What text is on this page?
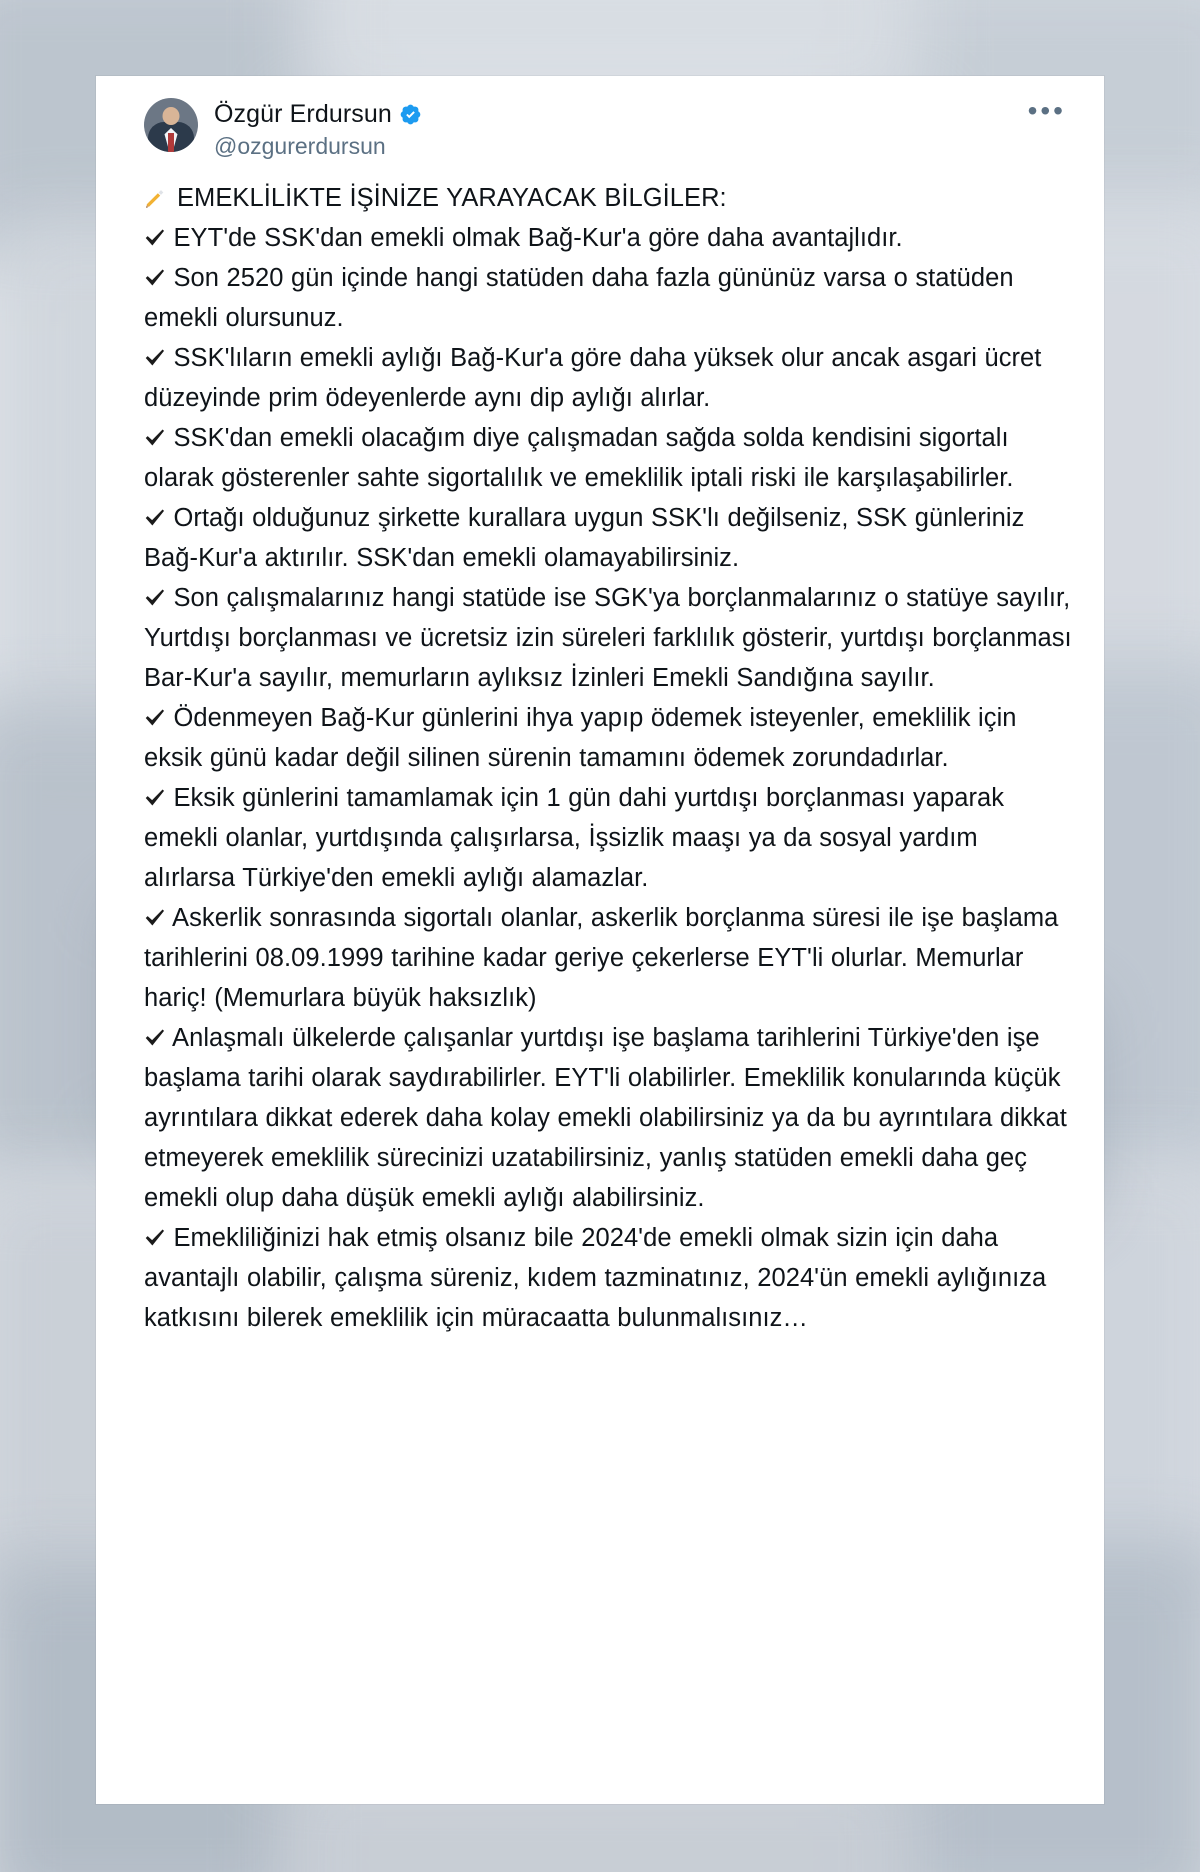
Özgür Erdursun
@ozgurerdursun
•••

EMEKLİLİKTE İŞİNİZE YARAYACAK BİLGİLER:

EYT'de SSK'dan emekli olmak Bağ-Kur'a göre daha avantajlıdır.

Son 2520 gün içinde hangi statüden daha fazla gününüz varsa o statüden emekli olursunuz.

SSK'lıların emekli aylığı Bağ-Kur'a göre daha yüksek olur ancak asgari ücret düzeyinde prim ödeyenlerde aynı dip aylığı alırlar.

SSK'dan emekli olacağım diye çalışmadan sağda solda kendisini sigortalı olarak gösterenler sahte sigortalılık ve emeklilik iptali riski ile karşılaşabilirler.

Ortağı olduğunuz şirkette kurallara uygun SSK'lı değilseniz, SSK günleriniz Bağ-Kur'a aktırılır. SSK'dan emekli olamayabilirsiniz.

Son çalışmalarınız hangi statüde ise SGK'ya borçlanmalarınız o statüye sayılır, Yurtdışı borçlanması ve ücretsiz izin süreleri farklılık gösterir, yurtdışı borçlanması Bar-Kur'a sayılır, memurların aylıksız İzinleri Emekli Sandığına sayılır.

Ödenmeyen Bağ-Kur günlerini ihya yapıp ödemek isteyenler, emeklilik için eksik günü kadar değil silinen sürenin tamamını ödemek zorundadırlar.

Eksik günlerini tamamlamak için 1 gün dahi yurtdışı borçlanması yaparak emekli olanlar, yurtdışında çalışırlarsa, İşsizlik maaşı ya da sosyal yardım alırlarsa Türkiye'den emekli aylığı alamazlar.

Askerlik sonrasında sigortalı olanlar, askerlik borçlanma süresi ile işe başlama tarihlerini 08.09.1999 tarihine kadar geriye çekerlerse EYT'li olurlar. Memurlar hariç! (Memurlara büyük haksızlık)

Anlaşmalı ülkelerde çalışanlar yurtdışı işe başlama tarihlerini Türkiye'den işe başlama tarihi olarak saydırabilirler. EYT'li olabilirler. Emeklilik konularında küçük ayrıntılara dikkat ederek daha kolay emekli olabilirsiniz ya da bu ayrıntılara dikkat etmeyerek emeklilik sürecinizi uzatabilirsiniz, yanlış statüden emekli daha geç emekli olup daha düşük emekli aylığı alabilirsiniz.

Emekliliğinizi hak etmiş olsanız bile 2024'de emekli olmak sizin için daha avantajlı olabilir, çalışma süreniz, kıdem tazminatınız, 2024'ün emekli aylığınıza katkısını bilerek emeklilik için müracaatta bulunmalısınız…
